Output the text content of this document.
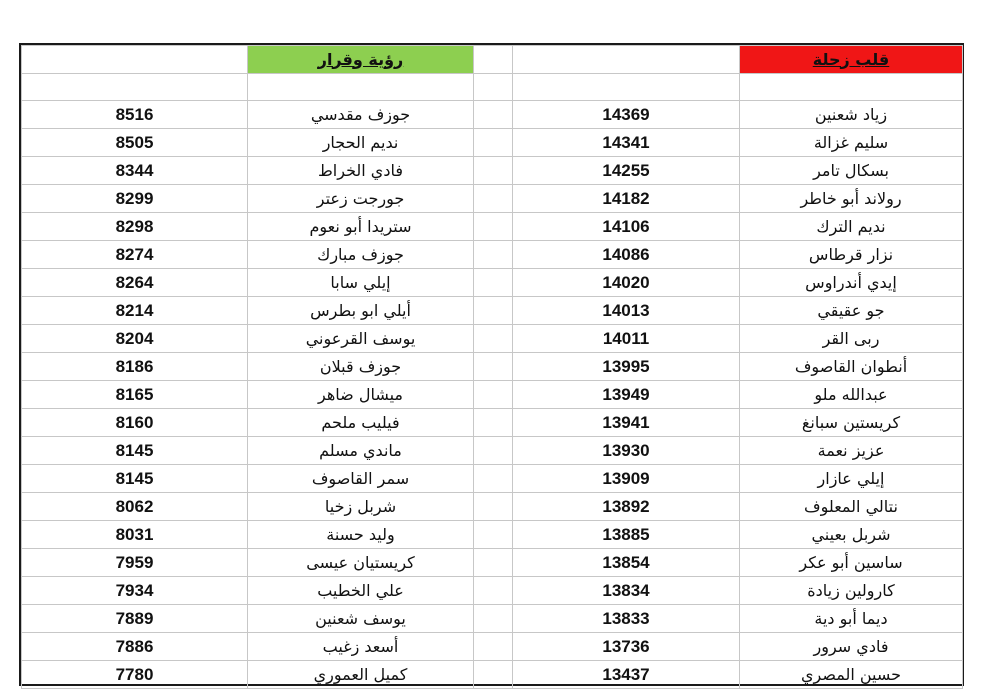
	رؤية وقرار			قلب زحلة

8516	جوزف مقدسي		14369	زياد شعنين
8505	نديم الحجار		14341	سليم غزالة
8344	فادي الخراط		14255	بسكال تامر
8299	جورجت زعتر		14182	رولاند أبو خاطر
8298	ستريدا أبو نعوم		14106	نديم الترك
8274	جوزف مبارك		14086	نزار قرطاس
8264	إيلي سابا		14020	إيدي أندراوس
8214	أيلي ابو بطرس		14013	جو عقيقي
8204	يوسف القرعوني		14011	ربى القر
8186	جوزف قبلان		13995	أنطوان القاصوف
8165	ميشال ضاهر		13949	عبدالله ملو
8160	فيليب ملحم		13941	كريستين سبانغ
8145	ماندي مسلم		13930	عزيز نعمة
8145	سمر القاصوف		13909	إيلي عازار
8062	شربل زخيا		13892	نتالي المعلوف
8031	وليد حسنة		13885	شربل بعيني
7959	كريستيان عيسى		13854	ساسين أبو عكر
7934	علي الخطيب		13834	كارولين زيادة
7889	يوسف شعنين		13833	ديما أبو دية
7886	أسعد زغيب		13736	فادي سرور
7780	كميل العموري		13437	حسين المصري
